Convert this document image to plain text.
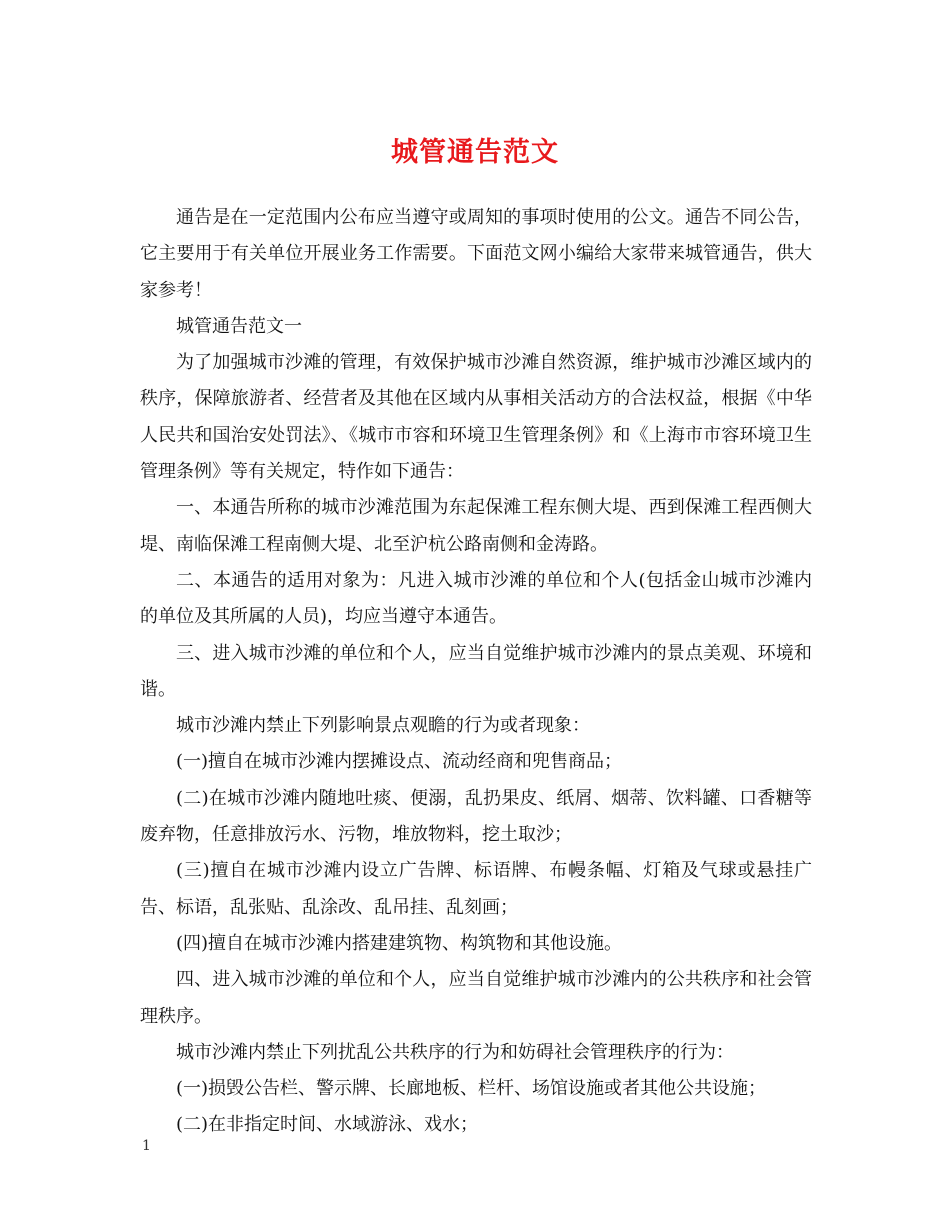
城管通告范文

通告是在一定范围内公布应当遵守或周知的事项时使用的公文。通告不同公告，它主要用于有关单位开展业务工作需要。下面范文网小编给大家带来城管通告，供大家参考！

城管通告范文一

为了加强城市沙滩的管理，有效保护城市沙滩自然资源，维护城市沙滩区域内的秩序，保障旅游者、经营者及其他在区域内从事相关活动方的合法权益，根据《中华人民共和国治安处罚法》、《城市市容和环境卫生管理条例》和《上海市市容环境卫生管理条例》等有关规定，特作如下通告：

一、本通告所称的城市沙滩范围为东起保滩工程东侧大堤、西到保滩工程西侧大堤、南临保滩工程南侧大堤、北至沪杭公路南侧和金涛路。

二、本通告的适用对象为：凡进入城市沙滩的单位和个人(包括金山城市沙滩内的单位及其所属的人员)，均应当遵守本通告。

三、进入城市沙滩的单位和个人，应当自觉维护城市沙滩内的景点美观、环境和谐。

城市沙滩内禁止下列影响景点观瞻的行为或者现象：

(一)擅自在城市沙滩内摆摊设点、流动经商和兜售商品；

(二)在城市沙滩内随地吐痰、便溺，乱扔果皮、纸屑、烟蒂、饮料罐、口香糖等废弃物，任意排放污水、污物，堆放物料，挖土取沙；

(三)擅自在城市沙滩内设立广告牌、标语牌、布幔条幅、灯箱及气球或悬挂广告、标语，乱张贴、乱涂改、乱吊挂、乱刻画；

(四)擅自在城市沙滩内搭建建筑物、构筑物和其他设施。

四、进入城市沙滩的单位和个人，应当自觉维护城市沙滩内的公共秩序和社会管理秩序。

城市沙滩内禁止下列扰乱公共秩序的行为和妨碍社会管理秩序的行为：

(一)损毁公告栏、警示牌、长廊地板、栏杆、场馆设施或者其他公共设施；

(二)在非指定时间、水域游泳、戏水；

1
